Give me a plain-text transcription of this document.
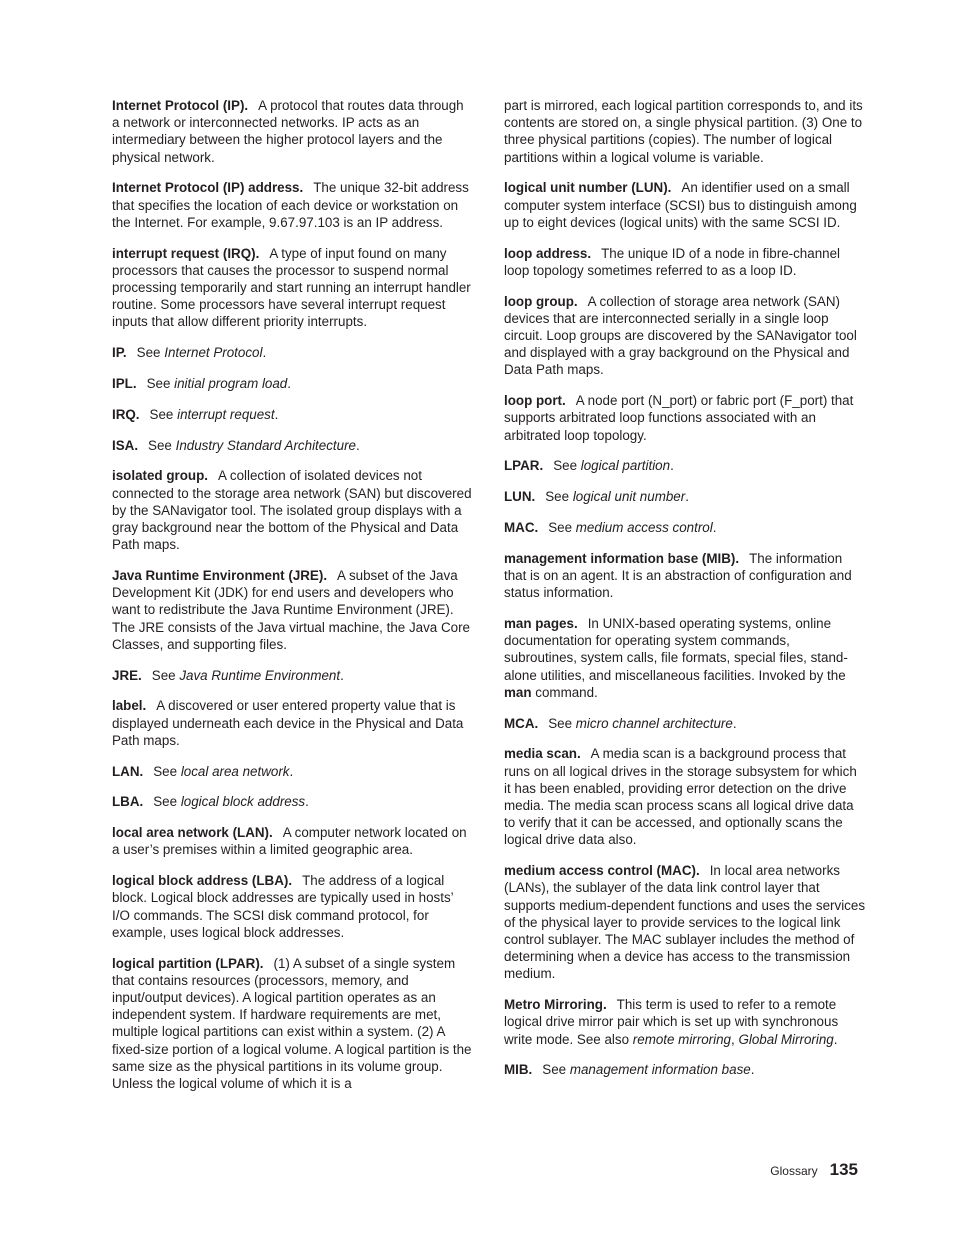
Internet Protocol (IP). A protocol that routes data through a network or interconnected networks. IP acts as an intermediary between the higher protocol layers and the physical network.

Internet Protocol (IP) address. The unique 32-bit address that specifies the location of each device or workstation on the Internet. For example, 9.67.97.103 is an IP address.

interrupt request (IRQ). A type of input found on many processors that causes the processor to suspend normal processing temporarily and start running an interrupt handler routine. Some processors have several interrupt request inputs that allow different priority interrupts.

IP. See Internet Protocol.

IPL. See initial program load.

IRQ. See interrupt request.

ISA. See Industry Standard Architecture.

isolated group. A collection of isolated devices not connected to the storage area network (SAN) but discovered by the SANavigator tool. The isolated group displays with a gray background near the bottom of the Physical and Data Path maps.

Java Runtime Environment (JRE). A subset of the Java Development Kit (JDK) for end users and developers who want to redistribute the Java Runtime Environment (JRE). The JRE consists of the Java virtual machine, the Java Core Classes, and supporting files.

JRE. See Java Runtime Environment.

label. A discovered or user entered property value that is displayed underneath each device in the Physical and Data Path maps.

LAN. See local area network.

LBA. See logical block address.

local area network (LAN). A computer network located on a user’s premises within a limited geographic area.

logical block address (LBA). The address of a logical block. Logical block addresses are typically used in hosts’ I/O commands. The SCSI disk command protocol, for example, uses logical block addresses.

logical partition (LPAR). (1) A subset of a single system that contains resources (processors, memory, and input/output devices). A logical partition operates as an independent system. If hardware requirements are met, multiple logical partitions can exist within a system. (2) A fixed-size portion of a logical volume. A logical partition is the same size as the physical partitions in its volume group. Unless the logical volume of which it is a

part is mirrored, each logical partition corresponds to, and its contents are stored on, a single physical partition. (3) One to three physical partitions (copies). The number of logical partitions within a logical volume is variable.

logical unit number (LUN). An identifier used on a small computer system interface (SCSI) bus to distinguish among up to eight devices (logical units) with the same SCSI ID.

loop address. The unique ID of a node in fibre-channel loop topology sometimes referred to as a loop ID.

loop group. A collection of storage area network (SAN) devices that are interconnected serially in a single loop circuit. Loop groups are discovered by the SANavigator tool and displayed with a gray background on the Physical and Data Path maps.

loop port. A node port (N_port) or fabric port (F_port) that supports arbitrated loop functions associated with an arbitrated loop topology.

LPAR. See logical partition.

LUN. See logical unit number.

MAC. See medium access control.

management information base (MIB). The information that is on an agent. It is an abstraction of configuration and status information.

man pages. In UNIX-based operating systems, online documentation for operating system commands, subroutines, system calls, file formats, special files, stand-alone utilities, and miscellaneous facilities. Invoked by the man command.

MCA. See micro channel architecture.

media scan. A media scan is a background process that runs on all logical drives in the storage subsystem for which it has been enabled, providing error detection on the drive media. The media scan process scans all logical drive data to verify that it can be accessed, and optionally scans the logical drive data also.

medium access control (MAC). In local area networks (LANs), the sublayer of the data link control layer that supports medium-dependent functions and uses the services of the physical layer to provide services to the logical link control sublayer. The MAC sublayer includes the method of determining when a device has access to the transmission medium.

Metro Mirroring. This term is used to refer to a remote logical drive mirror pair which is set up with synchronous write mode. See also remote mirroring, Global Mirroring.

MIB. See management information base.

Glossary 135
